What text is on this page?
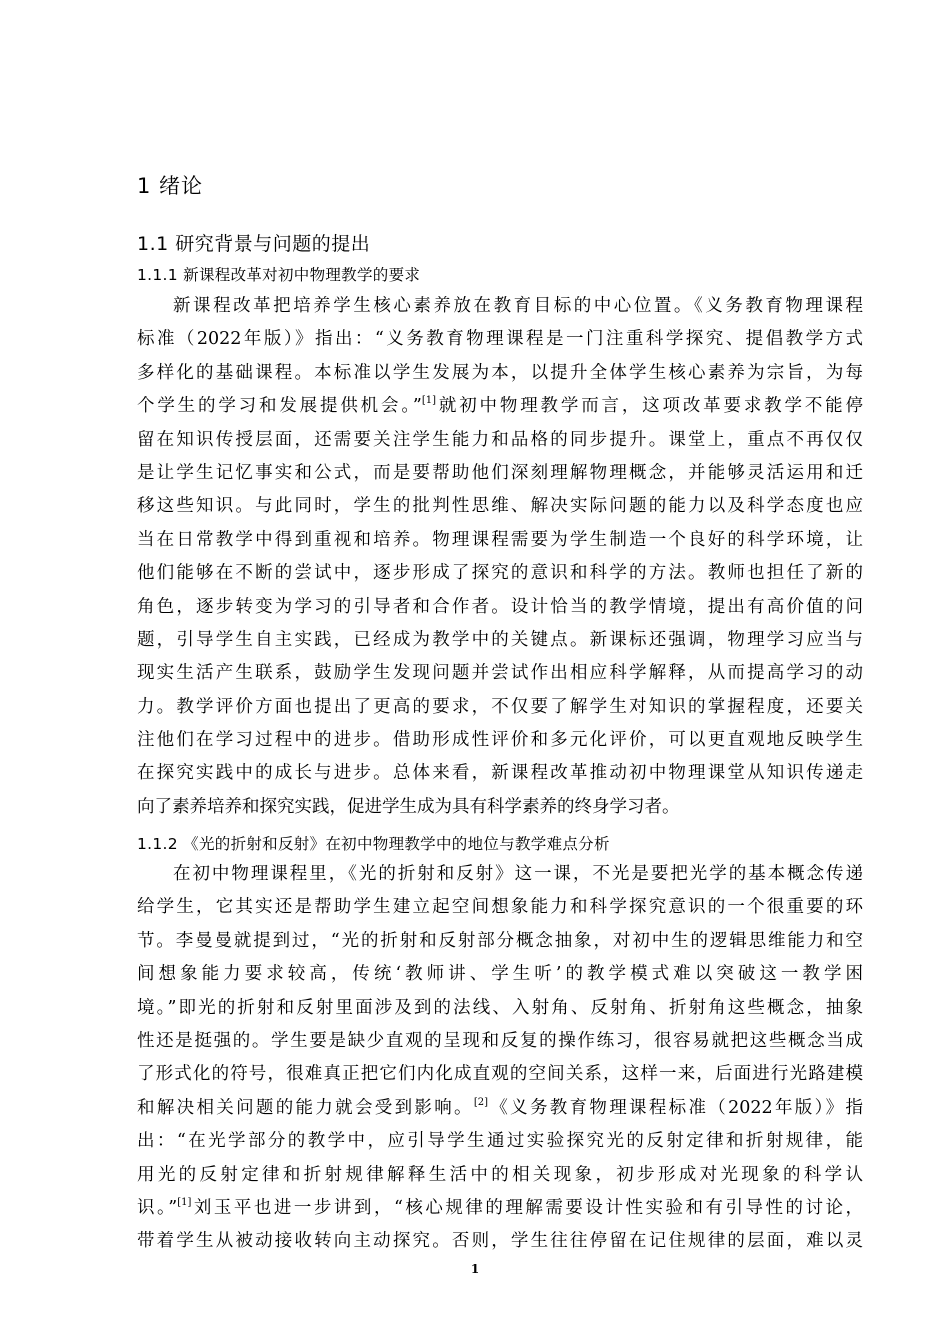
1 绪论
1.1 研究背景与问题的提出
1.1.1 新课程改革对初中物理教学的要求
新课程改革把培养学生核心素养放在教育目标的中心位置。《义务教育物理课程
标准（2022年版）》指出：“义务教育物理课程是一门注重科学探究、提倡教学方式
多样化的基础课程。本标准以学生发展为本，以提升全体学生核心素养为宗旨，为每
个学生的学习和发展提供机会。”[1]就初中物理教学而言，这项改革要求教学不能停
留在知识传授层面，还需要关注学生能力和品格的同步提升。课堂上，重点不再仅仅
是让学生记忆事实和公式，而是要帮助他们深刻理解物理概念，并能够灵活运用和迁
移这些知识。与此同时，学生的批判性思维、解决实际问题的能力以及科学态度也应
当在日常教学中得到重视和培养。物理课程需要为学生制造一个良好的科学环境，让
他们能够在不断的尝试中，逐步形成了探究的意识和科学的方法。教师也担任了新的
角色，逐步转变为学习的引导者和合作者。设计恰当的教学情境，提出有高价值的问
题，引导学生自主实践，已经成为教学中的关键点。新课标还强调，物理学习应当与
现实生活产生联系，鼓励学生发现问题并尝试作出相应科学解释，从而提高学习的动
力。教学评价方面也提出了更高的要求，不仅要了解学生对知识的掌握程度，还要关
注他们在学习过程中的进步。借助形成性评价和多元化评价，可以更直观地反映学生
在探究实践中的成长与进步。总体来看，新课程改革推动初中物理课堂从知识传递走
向了素养培养和探究实践，促进学生成为具有科学素养的终身学习者。
1.1.2 《光的折射和反射》在初中物理教学中的地位与教学难点分析
在初中物理课程里，《光的折射和反射》这一课，不光是要把光学的基本概念传递
给学生，它其实还是帮助学生建立起空间想象能力和科学探究意识的一个很重要的环
节。李曼曼就提到过，“光的折射和反射部分概念抽象，对初中生的逻辑思维能力和空
间想象能力要求较高，传统‘教师讲、学生听’的教学模式难以突破这一教学困
境。”即光的折射和反射里面涉及到的法线、入射角、反射角、折射角这些概念，抽象
性还是挺强的。学生要是缺少直观的呈现和反复的操作练习，很容易就把这些概念当成
了形式化的符号，很难真正把它们内化成直观的空间关系，这样一来，后面进行光路建模
和解决相关问题的能力就会受到影响。[2]《义务教育物理课程标准（2022年版）》指
出：“在光学部分的教学中，应引导学生通过实验探究光的反射定律和折射规律，能
用光的反射定律和折射规律解释生活中的相关现象，初步形成对光现象的科学认
识。”[1]刘玉平也进一步讲到，“核心规律的理解需要设计性实验和有引导性的讨论，
带着学生从被动接收转向主动探究。否则，学生往往停留在记住规律的层面，难以灵
1
